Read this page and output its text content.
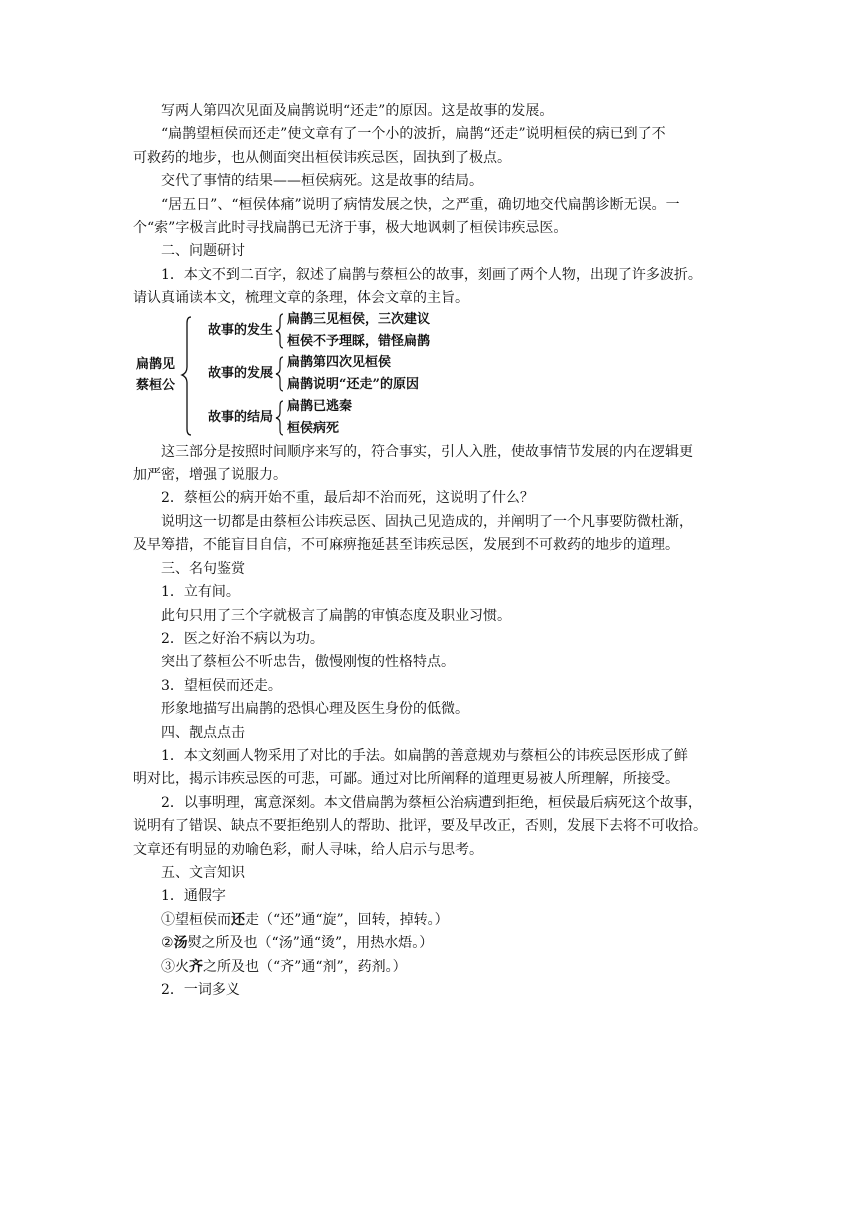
写两人第四次见面及扁鹊说明“还走”的原因。这是故事的发展。

“扁鹊望桓侯而还走”使文章有了一个小的波折，扁鹊“还走”说明桓侯的病已到了不

可救药的地步，也从侧面突出桓侯讳疾忌医，固执到了极点。

交代了事情的结果——桓侯病死。这是故事的结局。

“居五日”、“桓侯体痛”说明了病情发展之快，之严重，确切地交代扁鹊诊断无误。一

个“索”字极言此时寻找扁鹊已无济于事，极大地讽刺了桓侯讳疾忌医。

二、问题研讨

1．本文不到二百字，叙述了扁鹊与蔡桓公的故事，刻画了两个人物，出现了许多波折。

请认真诵读本文，梳理文章的条理，体会文章的主旨。

扁鹊见
蔡桓公
故事的发生
故事的发展
故事的结局
扁鹊三见桓侯，三次建议
桓侯不予理睬，错怪扁鹊
扁鹊第四次见桓侯
扁鹊说明“还走”的原因
扁鹊已逃秦
桓侯病死

这三部分是按照时间顺序来写的，符合事实，引人入胜，使故事情节发展的内在逻辑更

加严密，增强了说服力。

2．蔡桓公的病开始不重，最后却不治而死，这说明了什么？

说明这一切都是由蔡桓公讳疾忌医、固执己见造成的，并阐明了一个凡事要防微杜渐，

及早筹措，不能盲目自信，不可麻痹拖延甚至讳疾忌医，发展到不可救药的地步的道理。

三、名句鉴赏

1．立有间。

此句只用了三个字就极言了扁鹊的审慎态度及职业习惯。

2．医之好治不病以为功。

突出了蔡桓公不听忠告，傲慢刚愎的性格特点。

3．望桓侯而还走。

形象地描写出扁鹊的恐惧心理及医生身份的低微。

四、靓点点击

1．本文刻画人物采用了对比的手法。如扁鹊的善意规劝与蔡桓公的讳疾忌医形成了鲜

明对比，揭示讳疾忌医的可悲，可鄙。通过对比所阐释的道理更易被人所理解，所接受。

2．以事明理，寓意深刻。本文借扁鹊为蔡桓公治病遭到拒绝，桓侯最后病死这个故事，

说明有了错误、缺点不要拒绝别人的帮助、批评，要及早改正，否则，发展下去将不可收拾。

文章还有明显的劝喻色彩，耐人寻味，给人启示与思考。

五、文言知识

1．通假字

①望桓侯而还走（“还”通“旋”，回转，掉转。）

②汤熨之所及也（“汤”通“烫”，用热水焐。）

③火齐之所及也（“齐”通“剂”，药剂。）

2．一词多义
